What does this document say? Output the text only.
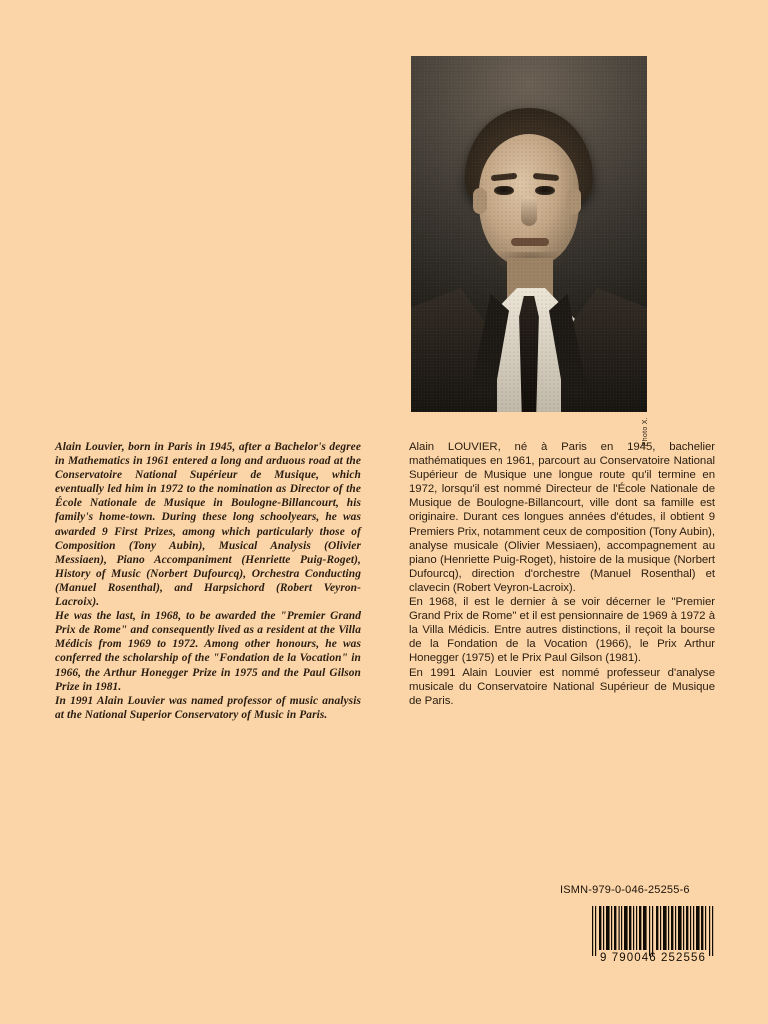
Photo X.

Alain Louvier, born in Paris in 1945, after a Bachelor's degree in Mathematics in 1961 entered a long and arduous road at the Conservatoire National Supérieur de Musique, which eventually led him in 1972 to the nomination as Director of the École Nationale de Musique in Boulogne-Billancourt, his family's home-town. During these long schoolyears, he was awarded 9 First Prizes, among which particularly those of Composition (Tony Aubin), Musical Analysis (Olivier Messiaen), Piano Accompaniment (Henriette Puig-Roget), History of Music (Norbert Dufourcq), Orchestra Conducting (Manuel Rosenthal), and Harpsichord (Robert Veyron-Lacroix).

He was the last, in 1968, to be awarded the "Premier Grand Prix de Rome" and consequently lived as a resident at the Villa Médicis from 1969 to 1972. Among other honours, he was conferred the scholarship of the "Fondation de la Vocation" in 1966, the Arthur Honegger Prize in 1975 and the Paul Gilson Prize in 1981.

In 1991 Alain Louvier was named professor of music analysis at the National Superior Conservatory of Music in Paris.

Alain LOUVIER, né à Paris en 1945, bachelier mathématiques en 1961, parcourt au Conservatoire National Supérieur de Musique une longue route qu'il termine en 1972, lorsqu'il est nommé Directeur de l'École Nationale de Musique de Boulogne-Billancourt, ville dont sa famille est originaire. Durant ces longues années d'études, il obtient 9 Premiers Prix, notamment ceux de composition (Tony Aubin), analyse musicale (Olivier Messiaen), accompagnement au piano (Henriette Puig-Roget), histoire de la musique (Norbert Dufourcq), direction d'orchestre (Manuel Rosenthal) et clavecin (Robert Veyron-Lacroix).

En 1968, il est le dernier à se voir décerner le "Premier Grand Prix de Rome" et il est pensionnaire de 1969 à 1972 à la Villa Médicis. Entre autres distinctions, il reçoit la bourse de la Fondation de la Vocation (1966), le Prix Arthur Honegger (1975) et le Prix Paul Gilson (1981).

En 1991 Alain Louvier est nommé professeur d'analyse musicale du Conservatoire National Supérieur de Musique de Paris.

ISMN-979-0-046-25255-6
9 790046 252556
